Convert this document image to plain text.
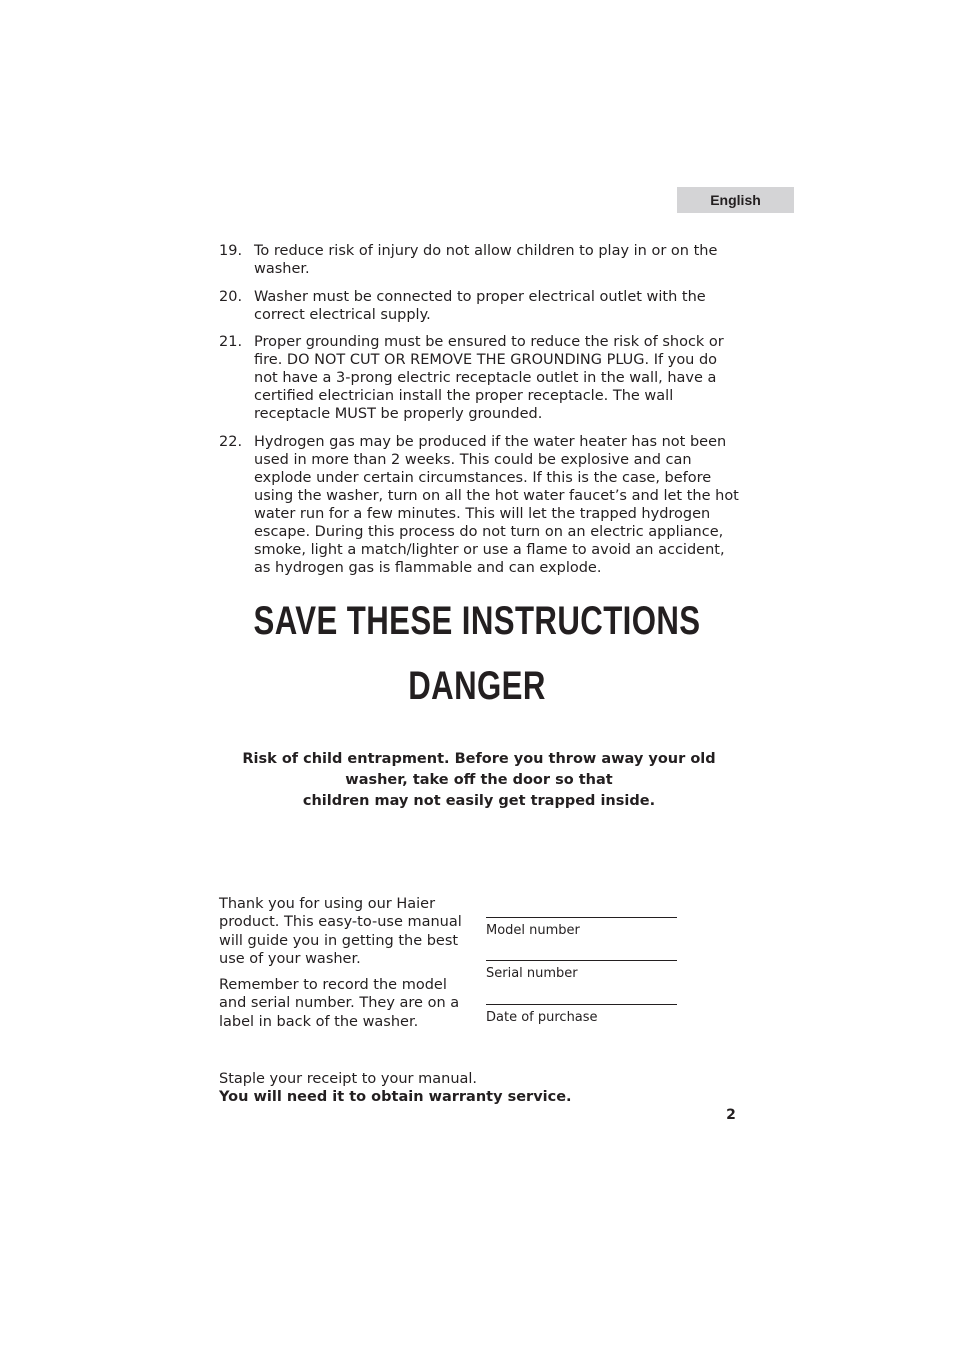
English
19. To reduce risk of injury do not allow children to play in or on the washer.
20. Washer must be connected to proper electrical outlet with the correct electrical supply.
21. Proper grounding must be ensured to reduce the risk of shock or fire. DO NOT CUT OR REMOVE THE GROUNDING PLUG. If you do not have a 3-prong electric receptacle outlet in the wall, have a certified electrician install the proper receptacle. The wall receptacle MUST be properly grounded.
22. Hydrogen gas may be produced if the water heater has not been used in more than 2 weeks. This could be explosive and can explode under certain circumstances. If this is the case, before using the washer, turn on all the hot water faucet’s and let the hot water run for a few minutes. This will let the trapped hydrogen escape. During this process do not turn on an electric appliance, smoke, light a match/lighter or use a flame to avoid an accident, as hydrogen gas is flammable and can explode.
SAVE THESE INSTRUCTIONS
DANGER
Risk of child entrapment. Before you throw away your old
washer, take off the door so that
children may not easily get trapped inside.

Thank you for using our Haier product. This easy-to-use manual will guide you in getting the best use of your washer.

Remember to record the model and serial number. They are on a label in back of the washer.

Model number
Serial number
Date of purchase
Staple your receipt to your manual.
You will need it to obtain warranty service.
2
